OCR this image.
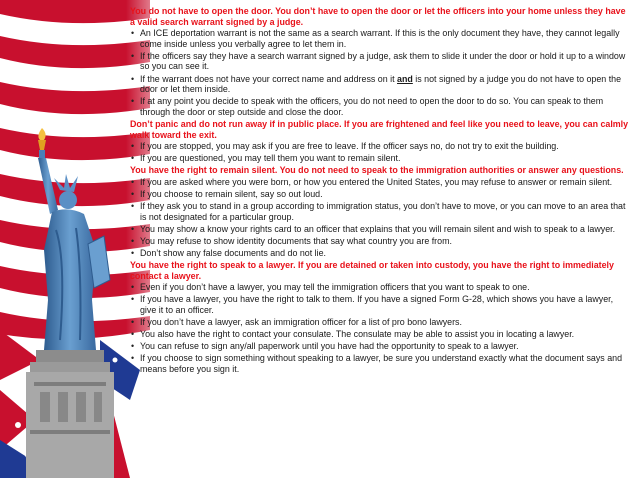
You do not have to open the door. You don’t have to open the door or let the officers into your home unless they have a valid search warrant signed by a judge.
• An ICE deportation warrant is not the same as a search warrant. If this is the only document they have, they cannot legally come inside unless you verbally agree to let them in.
• If the officers say they have a search warrant signed by a judge, ask them to slide it under the door or hold it up to a window so you can see it.
• If the warrant does not have your correct name and address on it and is not signed by a judge you do not have to open the door or let them inside.
• If at any point you decide to speak with the officers, you do not need to open the door to do so. You can speak to them through the door or step outside and close the door.
Don’t panic and do not run away if in public place. If you are frightened and feel like you need to leave, you can calmly walk toward the exit.
• If you are stopped, you may ask if you are free to leave. If the officer says no, do not try to exit the building.
• If you are questioned, you may tell them you want to remain silent.
You have the right to remain silent. You do not need to speak to the immigration authorities or answer any questions.
• If you are asked where you were born, or how you entered the United States, you may refuse to answer or remain silent.
• If you choose to remain silent, say so out loud.
• If they ask you to stand in a group according to immigration status, you don’t have to move, or you can move to an area that is not designated for a particular group.
• You may show a know your rights card to an officer that explains that you will remain silent and wish to speak to a lawyer.
• You may refuse to show identity documents that say what country you are from.
• Don’t show any false documents and do not lie.
You have the right to speak to a lawyer. If you are detained or taken into custody, you have the right to immediately contact a lawyer.
• Even if you don’t have a lawyer, you may tell the immigration officers that you want to speak to one.
• If you have a lawyer, you have the right to talk to them. If you have a signed Form G-28, which shows you have a lawyer, give it to an officer.
• If you don’t have a lawyer, ask an immigration officer for a list of pro bono lawyers.
• You also have the right to contact your consulate. The consulate may be able to assist you in locating a lawyer.
• You can refuse to sign any/all paperwork until you have had the opportunity to speak to a lawyer.
• If you choose to sign something without speaking to a lawyer, be sure you understand exactly what the document says and means before you sign it.
